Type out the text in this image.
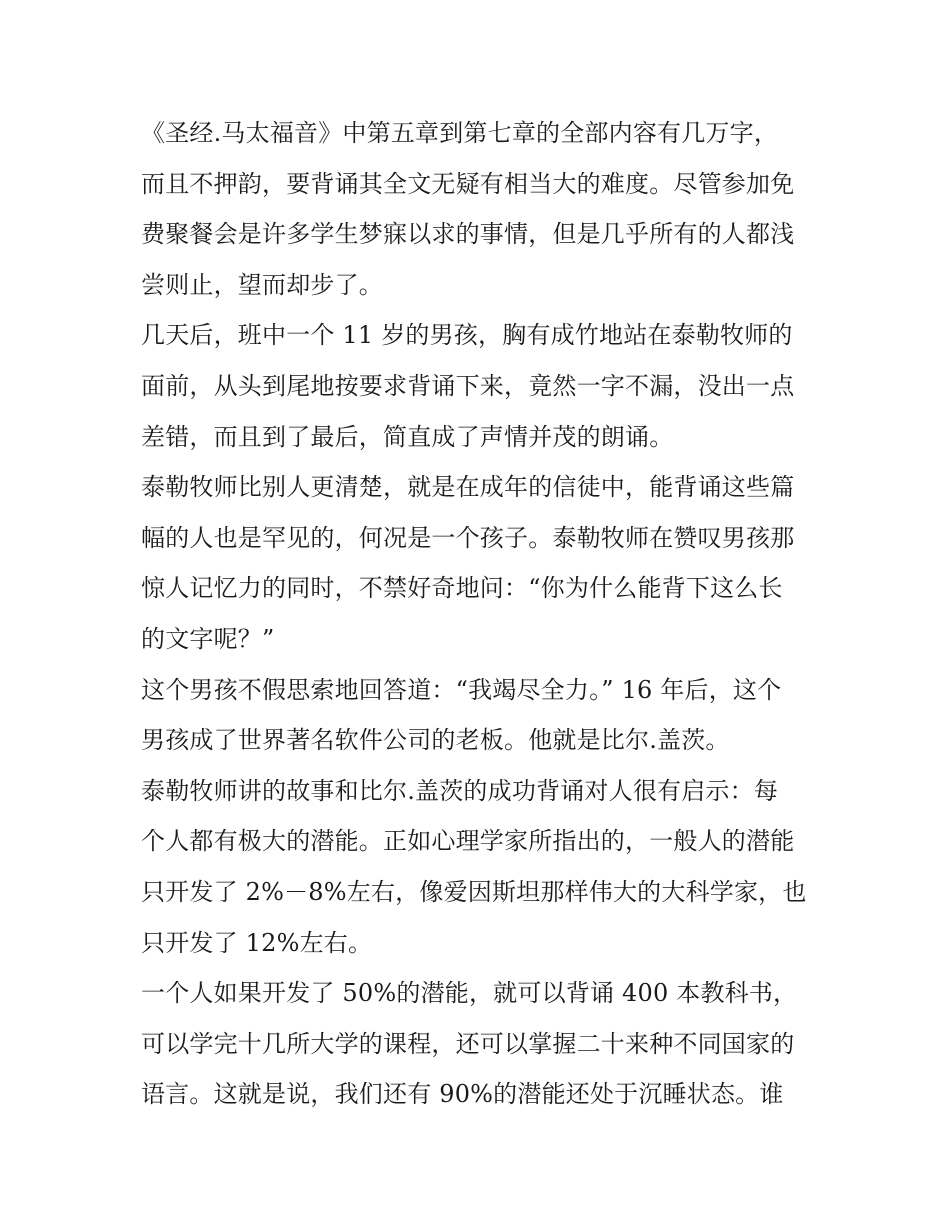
《圣经.马太福音》中第五章到第七章的全部内容有几万字，
而且不押韵，要背诵其全文无疑有相当大的难度。尽管参加免
费聚餐会是许多学生梦寐以求的事情，但是几乎所有的人都浅
尝则止，望而却步了。
几天后，班中一个 11 岁的男孩，胸有成竹地站在泰勒牧师的
面前，从头到尾地按要求背诵下来，竟然一字不漏，没出一点
差错，而且到了最后，简直成了声情并茂的朗诵。
泰勒牧师比别人更清楚，就是在成年的信徒中，能背诵这些篇
幅的人也是罕见的，何况是一个孩子。泰勒牧师在赞叹男孩那
惊人记忆力的同时，不禁好奇地问：“你为什么能背下这么长
的文字呢？”
这个男孩不假思索地回答道：“我竭尽全力。” 16 年后，这个
男孩成了世界著名软件公司的老板。他就是比尔.盖茨。
泰勒牧师讲的故事和比尔.盖茨的成功背诵对人很有启示：每
个人都有极大的潜能。正如心理学家所指出的，一般人的潜能
只开发了 2%－8%左右，像爱因斯坦那样伟大的大科学家，也
只开发了 12%左右。
一个人如果开发了 50%的潜能，就可以背诵 400 本教科书，
可以学完十几所大学的课程，还可以掌握二十来种不同国家的
语言。这就是说，我们还有 90%的潜能还处于沉睡状态。谁
